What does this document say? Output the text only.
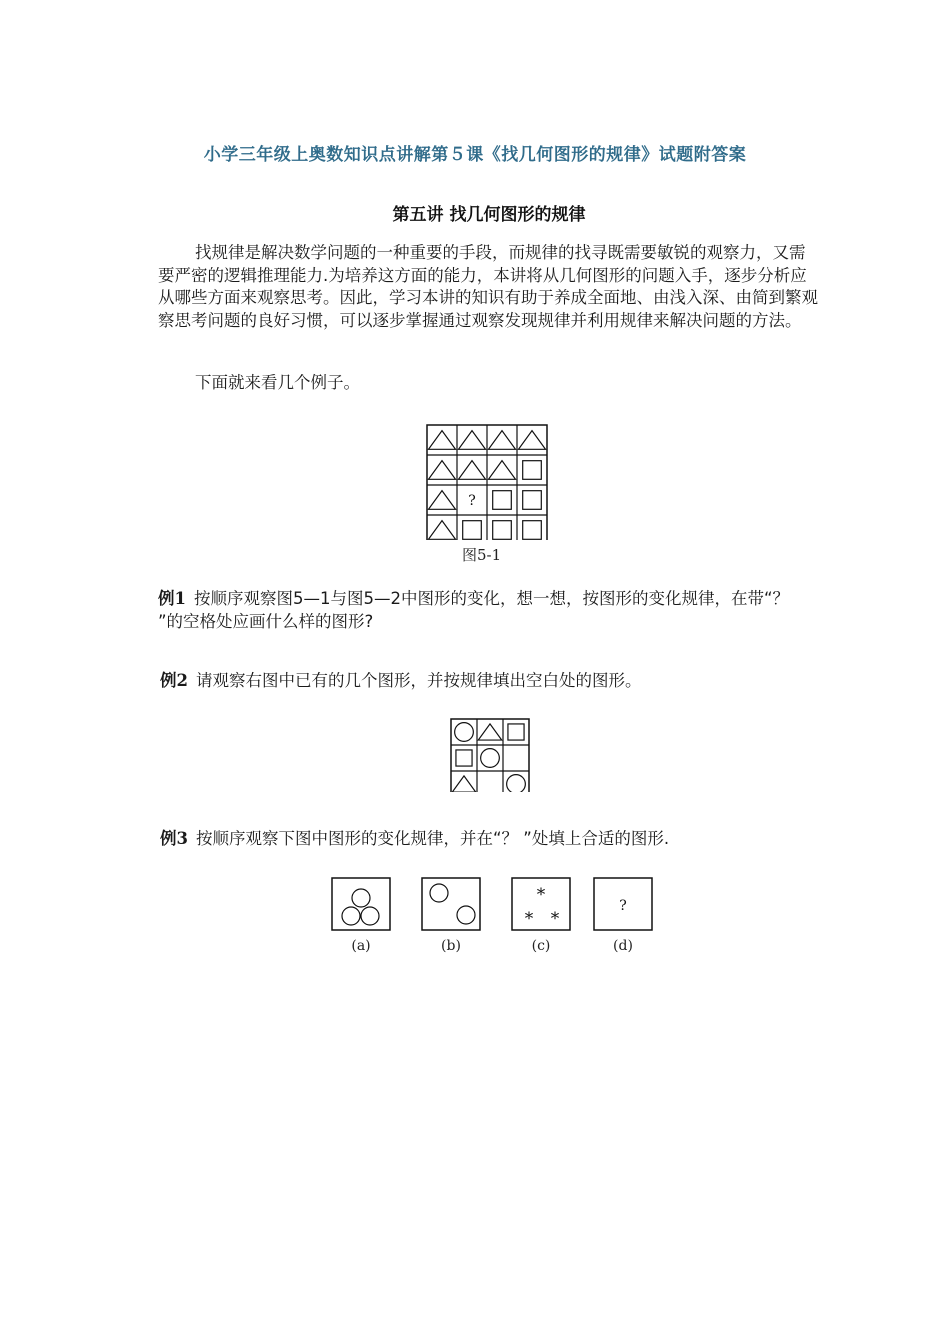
小学三年级上奥数知识点讲解第５课《找几何图形的规律》试题附答案
第五讲 找几何图形的规律
找规律是解决数学问题的一种重要的手段，而规律的找寻既需要敏锐的观察力，又需要严密的逻辑推理能力.为培养这方面的能力，本讲将从几何图形的问题入手，逐步分析应从哪些方面来观察思考。因此，学习本讲的知识有助于养成全面地、由浅入深、由简到繁观察思考问题的良好习惯，可以逐步掌握通过观察发现规律并利用规律来解决问题的方法。
下面就来看几个例子。
?
图5-1
例1 按顺序观察图5—1与图5—2中图形的变化，想一想，按图形的变化规律，在带“？ ”的空格处应画什么样的图形?
例2 请观察右图中已有的几个图形，并按规律填出空白处的图形。
例3 按顺序观察下图中图形的变化规律，并在“？ ”处填上合适的图形.
(a)	(b)
*
* *
(c)
?
(d)
